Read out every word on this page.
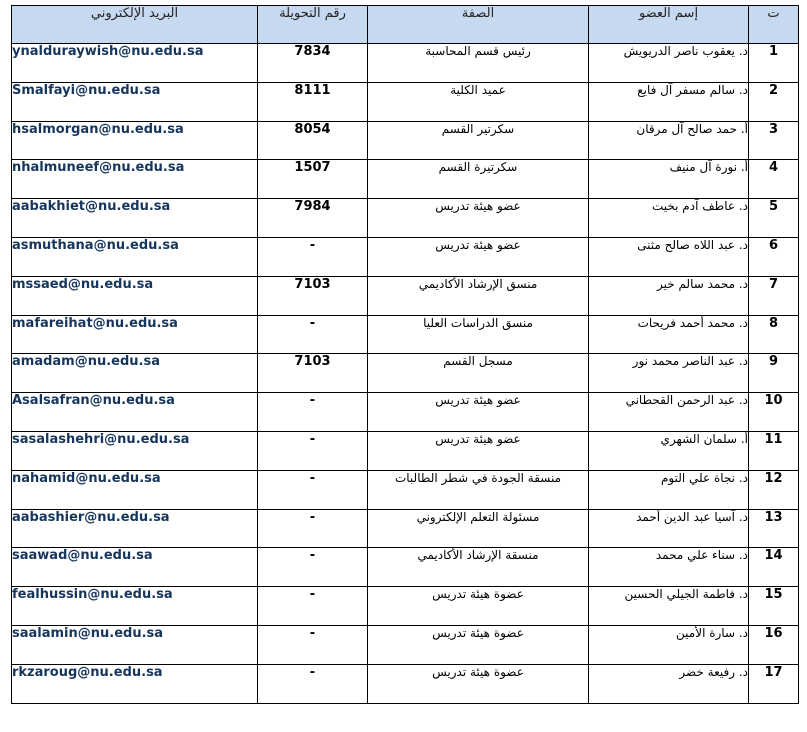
البريد الإلكتروني	رقم التحويلة	الصفة	إسم العضو	ت
ynalduraywish@nu.edu.sa	7834	رئيس قسم المحاسبة	د. يعقوب ناصر الدريويش	1
Smalfayi@nu.edu.sa	8111	عميد الكلية	د. سالم مسفر آل فايع	2
hsalmorgan@nu.edu.sa	8054	سكرتير القسم	أ. حمد صالح آل مرقان	3
nhalmuneef@nu.edu.sa	1507	سكرتيرة القسم	أ. نورة آل منيف	4
aabakhiet@nu.edu.sa	7984	عضو هيئة تدريس	د. عاطف آدم بخيت	5
asmuthana@nu.edu.sa	-	عضو هيئة تدريس	د. عبد اللاه صالح مثنى	6
mssaed@nu.edu.sa	7103	منسق الإرشاد الأكاديمي	د. محمد سالم خير	7
mafareihat@nu.edu.sa	-	منسق الدراسات العليا	د. محمد أحمد فريحات	8
amadam@nu.edu.sa	7103	مسجل القسم	د. عبد الناصر محمد نور	9
Asalsafran@nu.edu.sa	-	عضو هيئة تدريس	د. عبد الرحمن القحطاني	10
sasalashehri@nu.edu.sa	-	عضو هيئة تدريس	أ. سلمان الشهري	11
nahamid@nu.edu.sa	-	منسقة الجودة في شطر الطالبات	د. نجاة علي التوم	12
aabashier@nu.edu.sa	-	مسئولة التعلم الإلكتروني	د. آسيا عبد الدين أحمد	13
saawad@nu.edu.sa	-	منسقة الإرشاد الأكاديمي	د. سناء علي محمد	14
fealhussin@nu.edu.sa	-	عضوة هيئة تدريس	د. فاطمة الجيلي الحسين	15
saalamin@nu.edu.sa	-	عضوة هيئة تدريس	د. سارة الأمين	16
rkzaroug@nu.edu.sa	-	عضوة هيئة تدريس	د. رفيعة خضر	17
